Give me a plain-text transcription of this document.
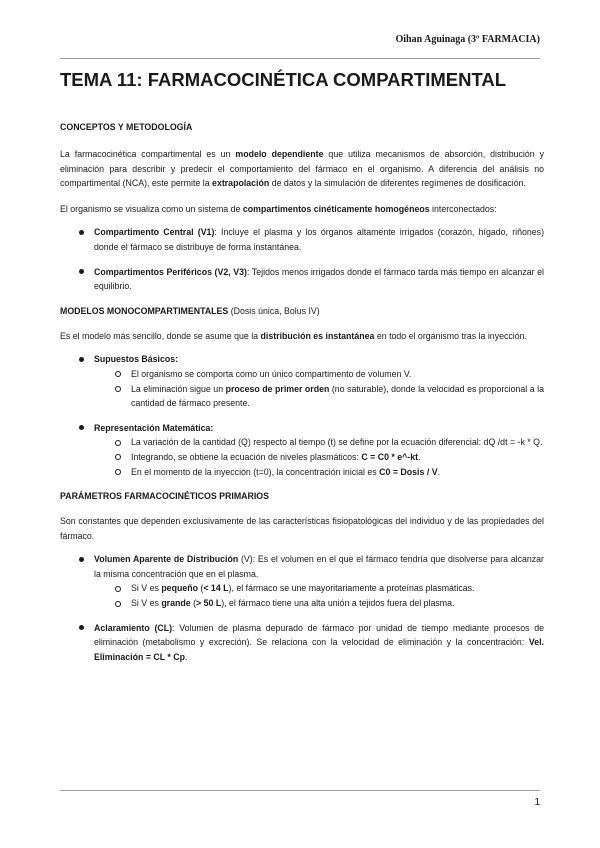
Oihan Aguinaga (3º FARMACIA)
TEMA 11: FARMACOCINÉTICA COMPARTIMENTAL
CONCEPTOS Y METODOLOGÍA

La farmacocinética compartimental es un modelo dependiente que utiliza mecanismos de absorción, distribución y eliminación para describir y predecir el comportamiento del fármaco en el organismo. A diferencia del análisis no compartimental (NCA), este permite la extrapolación de datos y la simulación de diferentes regímenes de dosificación.

El organismo se visualiza como un sistema de compartimentos cinéticamente homogéneos interconectados:

Compartimento Central (V1): Incluye el plasma y los órganos altamente irrigados (corazón, hígado, riñones) donde el fármaco se distribuye de forma instantánea.
Compartimentos Periféricos (V2, V3): Tejidos menos irrigados donde el fármaco tarda más tiempo en alcanzar el equilibrio.
MODELOS MONOCOMPARTIMENTALES (Dosis única, Bolus IV)

Es el modelo más sencillo, donde se asume que la distribución es instantánea en todo el organismo tras la inyección.

Supuestos Básicos:
El organismo se comporta como un único compartimento de volumen V.
La eliminación sigue un proceso de primer orden (no saturable), donde la velocidad es proporcional a la cantidad de fármaco presente.
Representación Matemática:
La variación de la cantidad (Q) respecto al tiempo (t) se define por la ecuación diferencial: dQ /dt = -k * Q.
Integrando, se obtiene la ecuación de niveles plasmáticos: C = C0 * e^-kt.
En el momento de la inyección (t=0), la concentración inicial es C0 = Dosis / V.
PARÁMETROS FARMACOCINÉTICOS PRIMARIOS

Son constantes que dependen exclusivamente de las características fisiopatológicas del individuo y de las propiedades del fármaco.

Volumen Aparente de Distribución (V): Es el volumen en el que el fármaco tendría que disolverse para alcanzar la misma concentración que en el plasma.
Si V es pequeño (< 14 L), el fármaco se une mayoritariamente a proteínas plasmáticas.
Si V es grande (> 50 L), el fármaco tiene una alta unión a tejidos fuera del plasma.
Aclaramiento (CL): Volumen de plasma depurado de fármaco por unidad de tiempo mediante procesos de eliminación (metabolismo y excreción). Se relaciona con la velocidad de eliminación y la concentración: Vel. Eliminación = CL * Cp.
1
